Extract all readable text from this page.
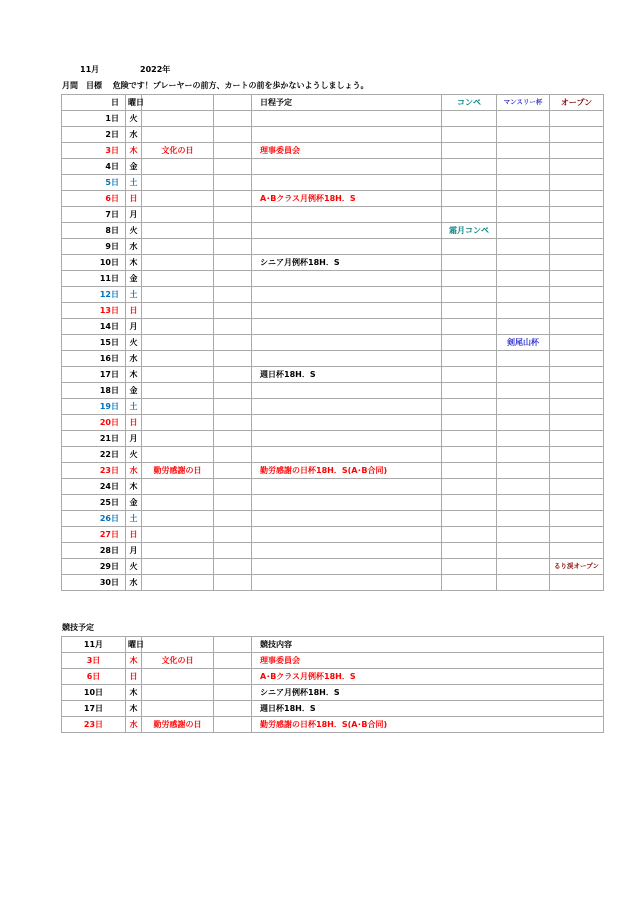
11月	2022年
月間　目標 危険です！プレーヤーの前方、カートの前を歩かないようしましょう。
日	曜日			日程予定	コンペ	マンスリー杯	オープン
1日	火						
2日	水						
3日	木	文化の日		理事委員会			
4日	金						
5日	土						
6日	日			A･Bクラス月例杯18H．S			
7日	月						
8日	火				霜月コンペ		
9日	水						
10日	木			シニア月例杯18H．S			
11日	金						
12日	土						
13日	日						
14日	月						
15日	火					剣尾山杯	
16日	水						
17日	木			週日杯18H．S			
18日	金						
19日	土						
20日	日						
21日	月						
22日	火						
23日	水	勤労感謝の日		勤労感謝の日杯18H．S(A･B合同)			
24日	木						
25日	金						
26日	土						
27日	日						
28日	月						
29日	火						るり渓オープン
30日	水						
競技予定
11月	曜日			競技内容
3日	木	文化の日		理事委員会
6日	日			A･Bクラス月例杯18H．S
10日	木			シニア月例杯18H．S
17日	木			週日杯18H．S
23日	水	勤労感謝の日		勤労感謝の日杯18H．S(A･B合同)
